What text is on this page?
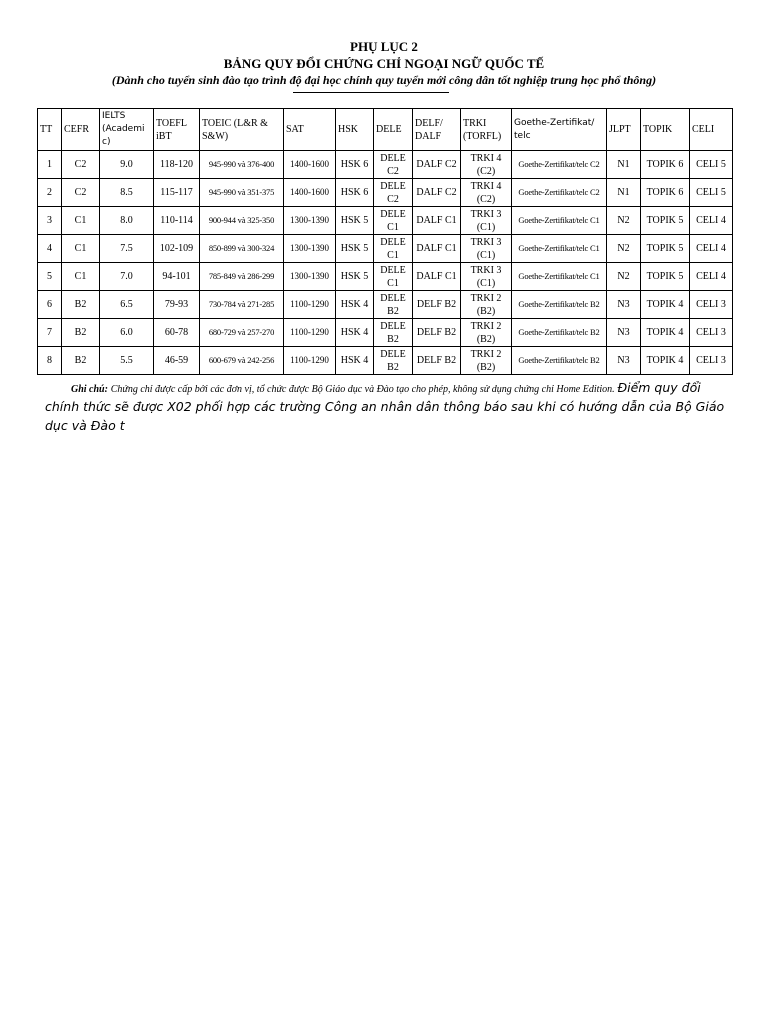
PHỤ LỤC 2
BẢNG QUY ĐỔI CHỨNG CHỈ NGOẠI NGỮ QUỐC TẾ
(Dành cho tuyển sinh đào tạo trình độ đại học chính quy tuyển mới công dân tốt nghiệp trung học phổ thông)
TT	CEFR	IELTS (Academi c)	TOEFL iBT	TOEIC (L&R & S&W)	SAT	HSK	DELE	DELF/ DALF	TRKI (TORFL)	Goethe-Zertifikat/ telc	JLPT	TOPIK	CELI
1	C2	9.0	118-120	945-990 và 376-400	1400-1600	HSK 6	DELE C2	DALF C2	TRKI 4 (C2)	Goethe-Zertifikat/telc C2	N1	TOPIK 6	CELI 5
2	C2	8.5	115-117	945-990 và 351-375	1400-1600	HSK 6	DELE C2	DALF C2	TRKI 4 (C2)	Goethe-Zertifikat/telc C2	N1	TOPIK 6	CELI 5
3	C1	8.0	110-114	900-944 và 325-350	1300-1390	HSK 5	DELE C1	DALF C1	TRKI 3 (C1)	Goethe-Zertifikat/telc C1	N2	TOPIK 5	CELI 4
4	C1	7.5	102-109	850-899 và 300-324	1300-1390	HSK 5	DELE C1	DALF C1	TRKI 3 (C1)	Goethe-Zertifikat/telc C1	N2	TOPIK 5	CELI 4
5	C1	7.0	94-101	785-849 và 286-299	1300-1390	HSK 5	DELE C1	DALF C1	TRKI 3 (C1)	Goethe-Zertifikat/telc C1	N2	TOPIK 5	CELI 4
6	B2	6.5	79-93	730-784 và 271-285	1100-1290	HSK 4	DELE B2	DELF B2	TRKI 2 (B2)	Goethe-Zertifikat/telc B2	N3	TOPIK 4	CELI 3
7	B2	6.0	60-78	680-729 và 257-270	1100-1290	HSK 4	DELE B2	DELF B2	TRKI 2 (B2)	Goethe-Zertifikat/telc B2	N3	TOPIK 4	CELI 3
8	B2	5.5	46-59	600-679 và 242-256	1100-1290	HSK 4	DELE B2	DELF B2	TRKI 2 (B2)	Goethe-Zertifikat/telc B2	N3	TOPIK 4	CELI 3
Ghi chú: Chứng chỉ được cấp bởi các đơn vị, tổ chức được Bộ Giáo dục và Đào tạo cho phép, không sử dụng chứng chỉ Home Edition. Điểm quy đổi chính thức sẽ được X02 phối hợp các trường Công an nhân dân thông báo sau khi có hướng dẫn của Bộ Giáo dục và Đào t
